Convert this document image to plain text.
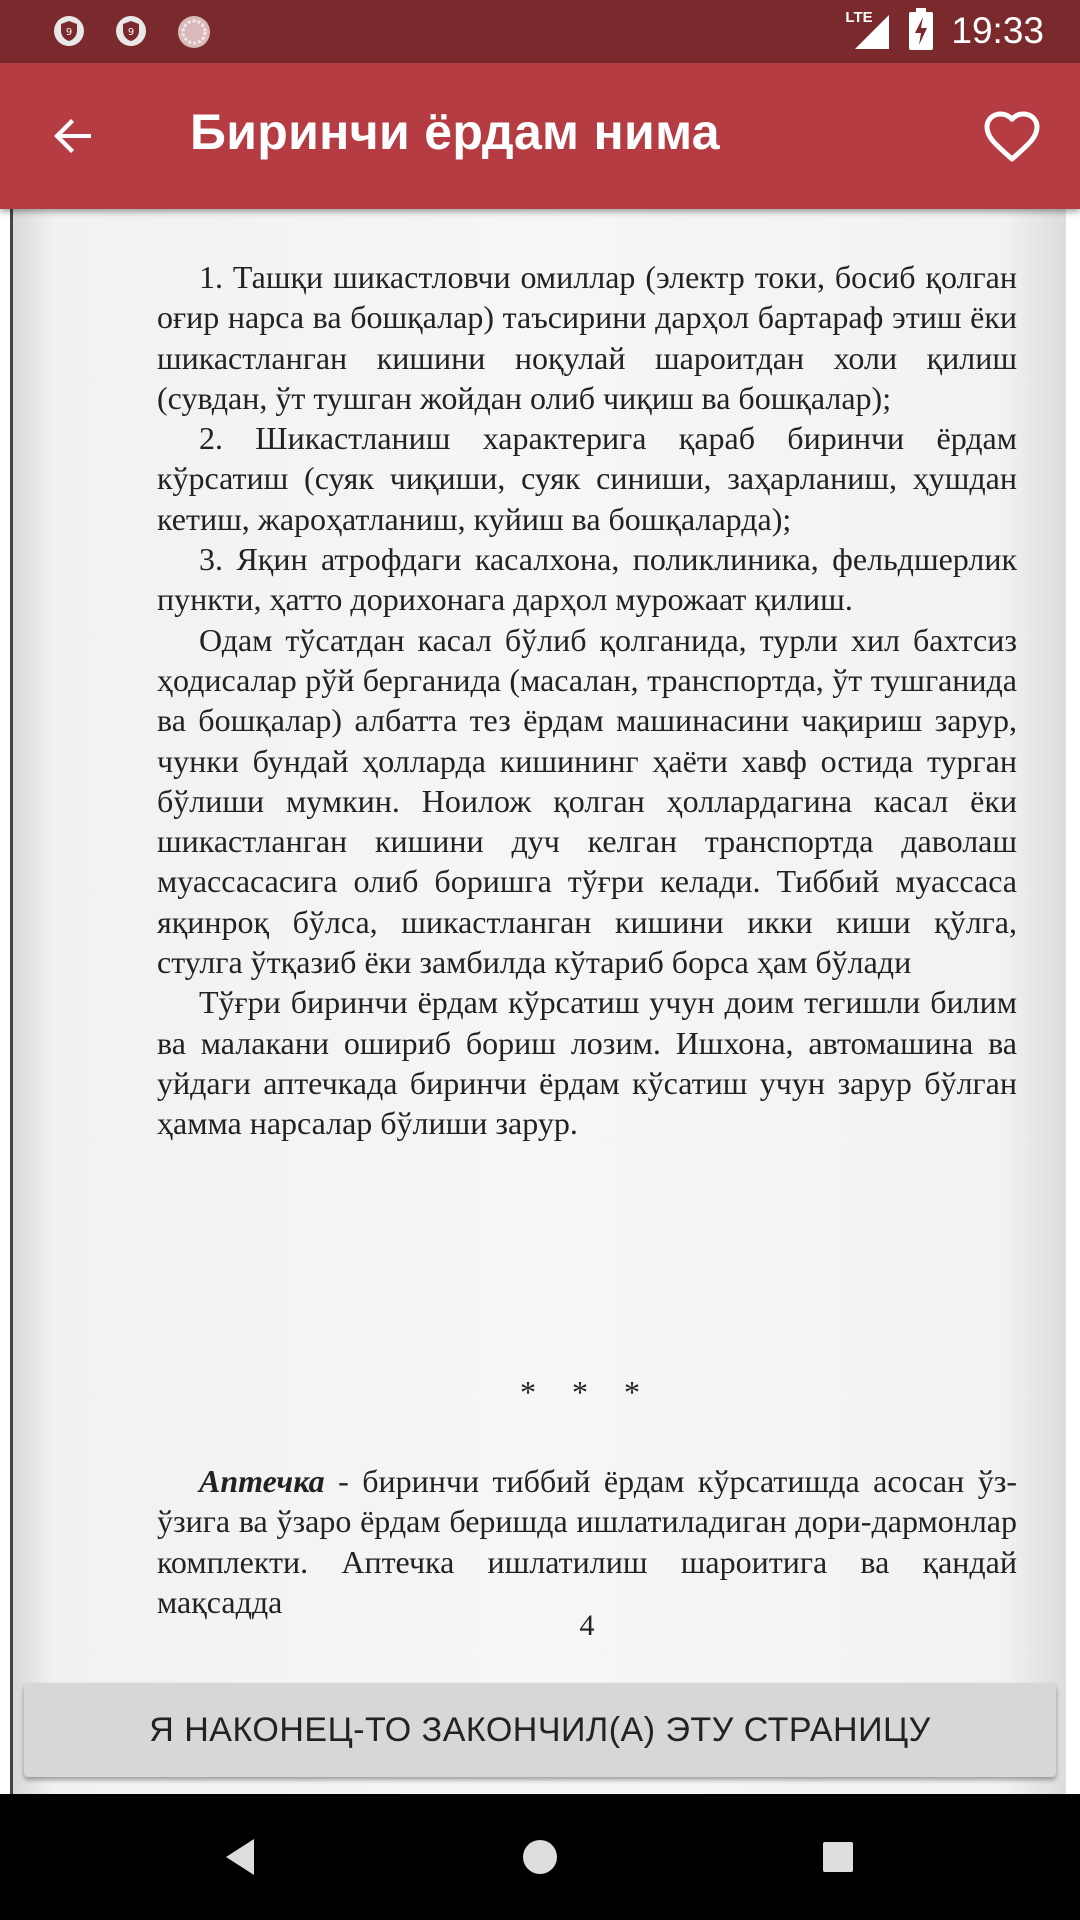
9	9
LTE 19:33
Биринчи ёрдам нима

1. Ташқи шикастловчи омиллар (электр токи, босиб қолган оғир нарса ва бошқалар) таъсирини дарҳол бартараф этиш ёки шикастланган кишини ноқулай шароитдан холи қилиш (сувдан, ўт тушган жойдан олиб чиқиш ва бошқалар);

2. Шикастланиш характерига қараб биринчи ёрдам кўрсатиш (суяк чиқиши, суяк синиши, заҳарланиш, ҳушдан кетиш, жароҳатланиш, куйиш ва бошқаларда);

3. Яқин атрофдаги касалхона, поликлиника, фельдшерлик пункти, ҳатто дорихонага дарҳол мурожаат қилиш.

Одам тўсатдан касал бўлиб қолганида, турли хил бахтсиз ҳодисалар рўй берганида (масалан, транспортда, ўт тушганида ва бошқалар) албатта тез ёрдам машинасини чақириш зарур, чунки бундай ҳолларда кишининг ҳаёти хавф остида турган бўлиши мумкин. Ноилож қолган ҳоллардагина касал ёки шикастланган кишини дуч келган транспортда даволаш муассасасига олиб боришга тўғри келади. Тиббий муассаса яқинроқ бўлса, шикастланган кишини икки киши қўлга, стулга ўтқазиб ёки замбилда кўтариб борса ҳам бўлади

Тўғри биринчи ёрдам кўрсатиш учун доим тегишли билим ва малакани ошириб бориш лозим. Ишхона, автомашина ва уйдаги аптечкада биринчи ёрдам кўсатиш учун зарур бўлган ҳамма нарсалар бўлиши зарур.

* * *

Аптечка - биринчи тиббий ёрдам кўрсатишда асосан ўз-ўзига ва ўзаро ёрдам беришда ишлатиладиган дори-дармонлар комплекти. Аптечка ишлатилиш шароитига ва қандай мақсадда

4
Я НАКОНЕЦ-ТО ЗАКОНЧИЛ(А) ЭТУ СТРАНИЦУ
